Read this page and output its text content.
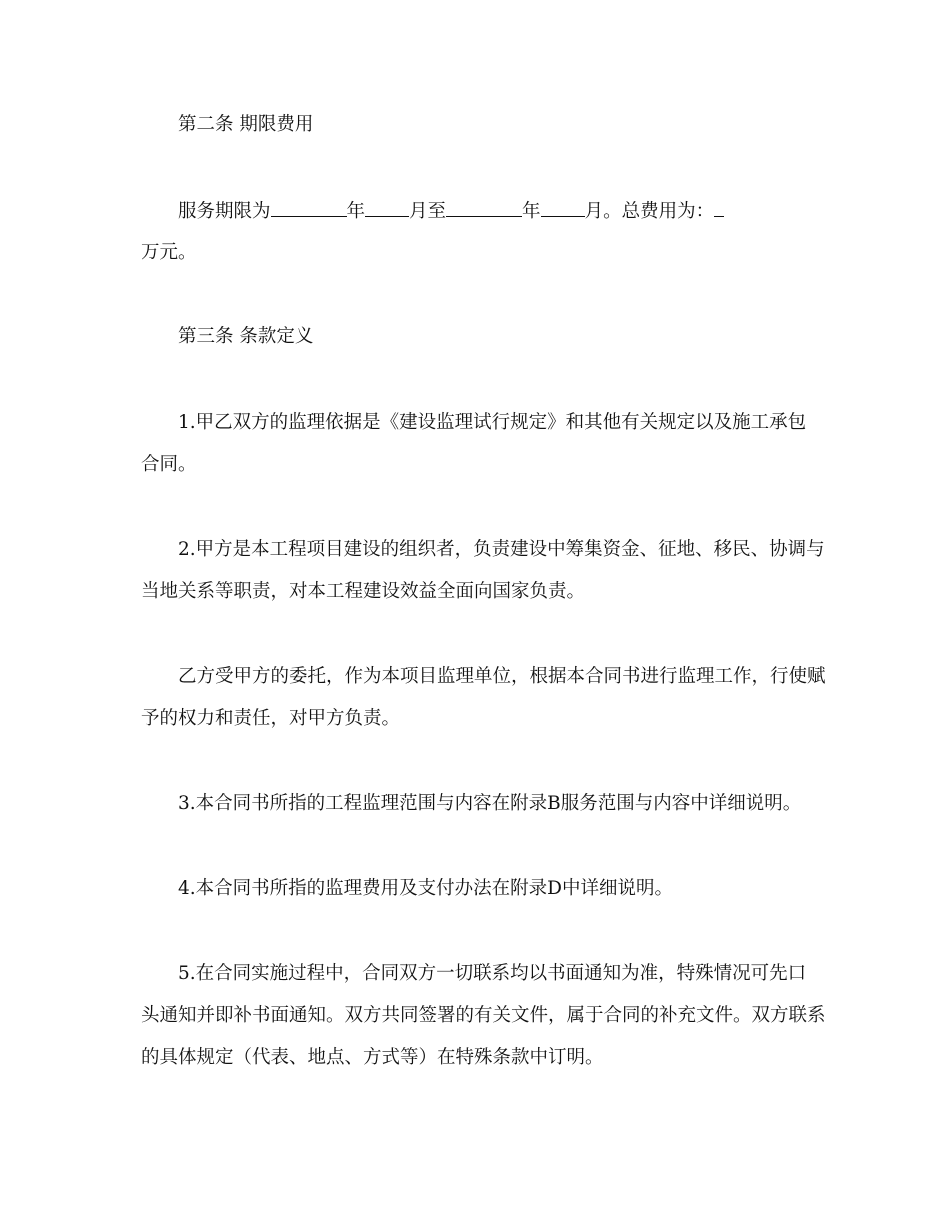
第二条 期限费用
服务期限为	年 月至	年 月。总费用为：
万元。
第三条 条款定义
1.甲乙双方的监理依据是《建设监理试行规定》和其他有关规定以及施工承包
合同。
2.甲方是本工程项目建设的组织者，负责建设中筹集资金、征地、移民、协调与
当地关系等职责，对本工程建设效益全面向国家负责。
乙方受甲方的委托，作为本项目监理单位，根据本合同书进行监理工作，行使赋
予的权力和责任，对甲方负责。
3.本合同书所指的工程监理范围与内容在附录B服务范围与内容中详细说明。
4.本合同书所指的监理费用及支付办法在附录D中详细说明。
5.在合同实施过程中，合同双方一切联系均以书面通知为准，特殊情况可先口
头通知并即补书面通知。双方共同签署的有关文件，属于合同的补充文件。双方联系
的具体规定（代表、地点、方式等）在特殊条款中订明。
